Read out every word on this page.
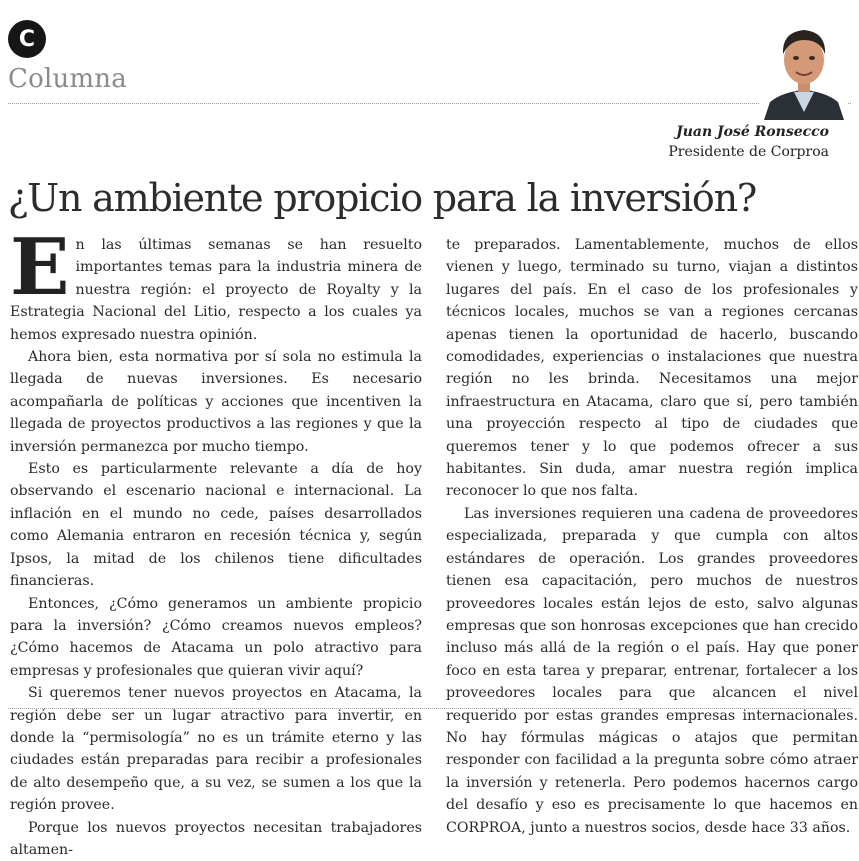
C
Columna
Juan José Ronsecco
Presidente de Corproa
¿Un ambiente propicio para la inversión?

En las últimas semanas se han resuelto importantes temas para la industria minera de nuestra región: el proyecto de Royalty y la Estrategia Nacional del Litio, respecto a los cuales ya hemos expresado nuestra opinión.

Ahora bien, esta normativa por sí sola no estimula la llegada de nuevas inversiones. Es necesario acompañarla de políticas y acciones que incentiven la llegada de proyectos productivos a las regiones y que la inversión permanezca por mucho tiempo.

Esto es particularmente relevante a día de hoy observando el escenario nacional e internacional. La inflación en el mundo no cede, países desarrollados como Alemania entraron en recesión técnica y, según Ipsos, la mitad de los chilenos tiene dificultades financieras.

Entonces, ¿Cómo generamos un ambiente propicio para la inversión? ¿Cómo creamos nuevos empleos? ¿Cómo hacemos de Atacama un polo atractivo para empresas y profesionales que quieran vivir aquí?

Si queremos tener nuevos proyectos en Atacama, la región debe ser un lugar atractivo para invertir, en donde la “permisología” no es un trámite eterno y las ciudades están preparadas para recibir a profesionales de alto desempeño que, a su vez, se sumen a los que la región provee.

Porque los nuevos proyectos necesitan trabajadores altamen-

te preparados. Lamentablemente, muchos de ellos vienen y luego, terminado su turno, viajan a distintos lugares del país. En el caso de los profesionales y técnicos locales, muchos se van a regiones cercanas apenas tienen la oportunidad de hacerlo, buscando comodidades, experiencias o instalaciones que nuestra región no les brinda. Necesitamos una mejor infraestructura en Atacama, claro que sí, pero también una proyección respecto al tipo de ciudades que queremos tener y lo que podemos ofrecer a sus habitantes. Sin duda, amar nuestra región implica reconocer lo que nos falta.

Las inversiones requieren una cadena de proveedores especializada, preparada y que cumpla con altos estándares de operación. Los grandes proveedores tienen esa capacitación, pero muchos de nuestros proveedores locales están lejos de esto, salvo algunas empresas que son honrosas excepciones que han crecido incluso más allá de la región o el país. Hay que poner foco en esta tarea y preparar, entrenar, fortalecer a los proveedores locales para que alcancen el nivel requerido por estas grandes empresas internacionales. No hay fórmulas mágicas o atajos que permitan responder con facilidad a la pregunta sobre cómo atraer la inversión y retenerla. Pero podemos hacernos cargo del desafío y eso es precisamente lo que hacemos en CORPROA, junto a nuestros socios, desde hace 33 años.
